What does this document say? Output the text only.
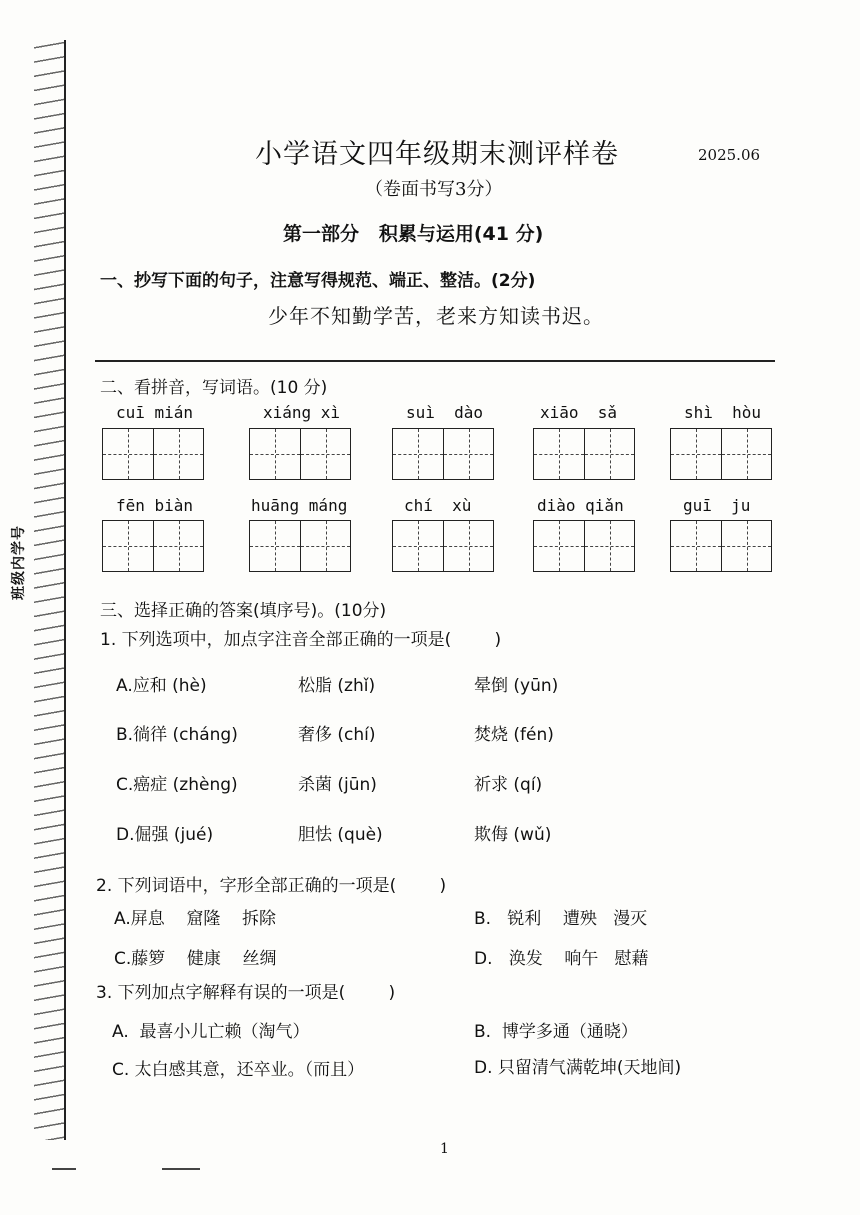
班级内学号
小学语文四年级期末测评样卷	2025.06
（卷面书写3分）
第一部分   积累与运用(41 分)
一、抄写下面的句子，注意写得规范、端正、整洁。(2分)
少年不知勤学苦，老来方知读书迟。
二、看拼音，写词语。(10 分)
cuī mián	xiáng xì	suì  dào	xiāo  sǎ	shì  hòu
fēn biàn	huāng máng	chí  xù	diào qiǎn	guī  ju
三、选择正确的答案(填序号)。(10分)
1. 下列选项中，加点字注音全部正确的一项是(        )
A.应和 (hè)	松脂 (zhǐ)	晕倒 (yūn)
B.徜徉 (cháng)	奢侈 (chí)	焚烧 (fén)
C.癌症 (zhèng)	杀菌 (jūn)	祈求 (qí)
D.倔强 (jué)	胆怯 (què)	欺侮 (wǔ)
2. 下列词语中，字形全部正确的一项是(        )
A.屏息    窟隆    拆除	B.   锐利    遭殃   漫灭
C.藤箩    健康    丝绸	D.   涣发    响午   慰藉
3. 下列加点字解释有误的一项是(        )
A.  最喜小儿亡赖（淘气）	B.  博学多通（通晓）
C. 太白感其意，还卒业。（而且）	D. 只留清气满乾坤(天地间)
1
